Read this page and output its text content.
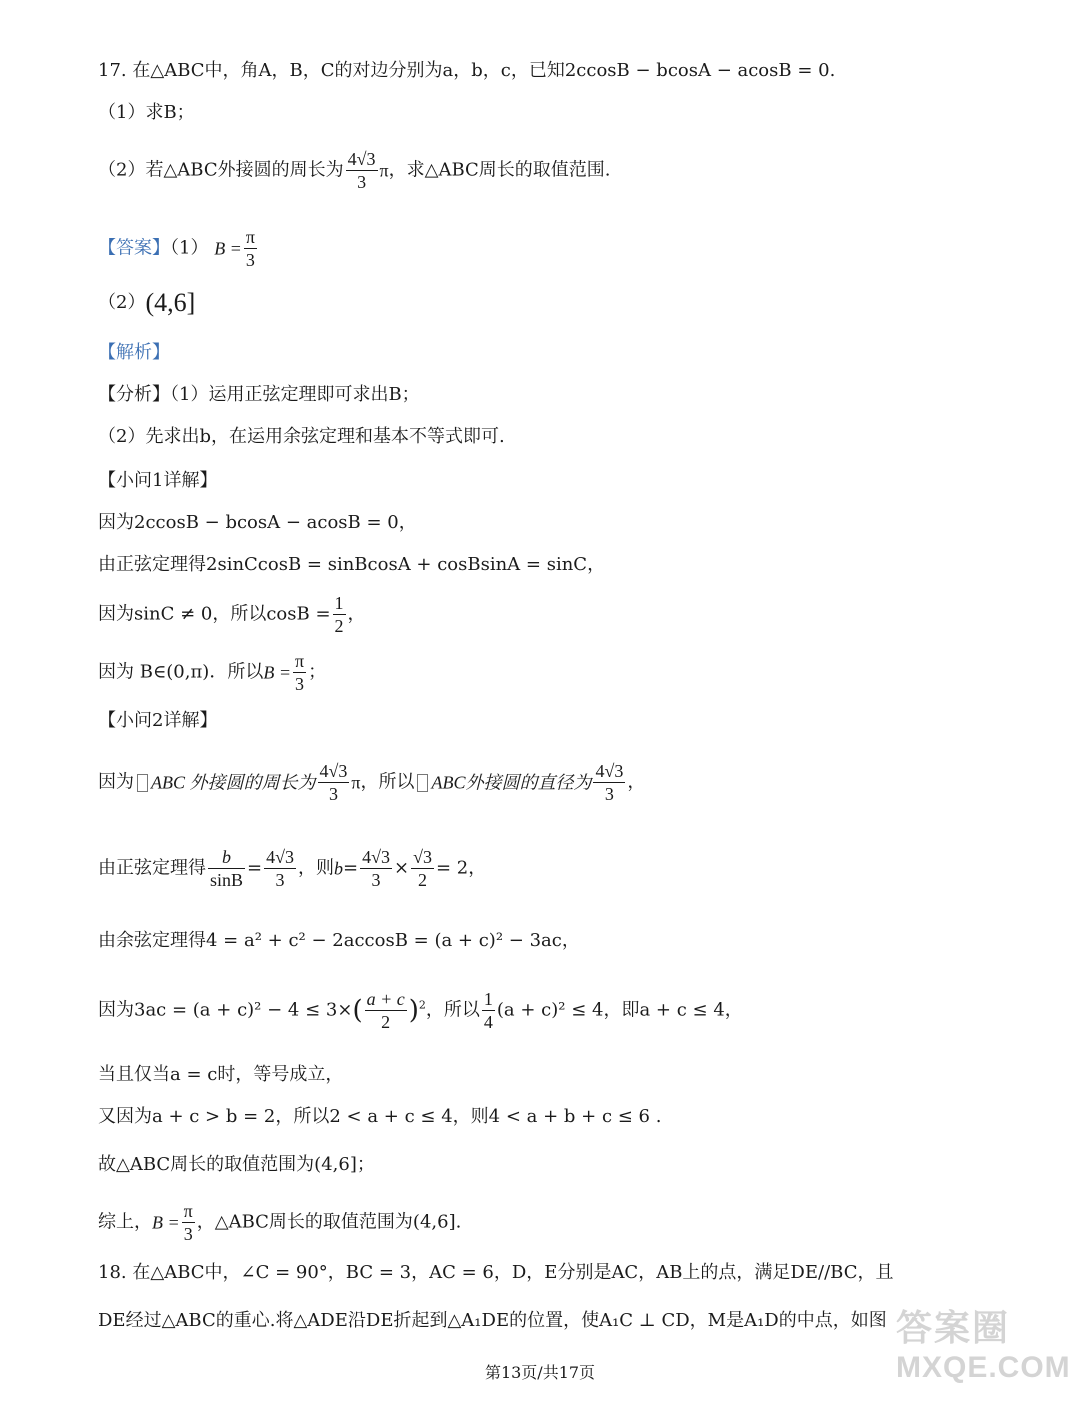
17. 在△ABC中，角A，B，C的对边分别为a，b，c，已知2ccosB − bcosA − acosB = 0.
（1）求B；
（2）若△ABC外接圆的周长为 $\frac{4√3}{3}$ π，求△ABC周长的取值范围.
【答案】（1） $B = \frac{\pi}{3}$
（2）(4,6]
【解析】
【分析】（1）运用正弦定理即可求出B；
（2）先求出b，在运用余弦定理和基本不等式即可.
【小问1详解】
因为2ccosB − bcosA − acosB = 0，
由正弦定理得2sinCcosB = sinBcosA + cosBsinA = sinC，
因为sinC ≠ 0，所以$\cos B = \frac{1}{2}$ ，
因为 B∈(0,π)．所以$B = \frac{\pi}{3}$ ；
【小问2详解】
因为 ABC 外接圆的周长为 $\frac{4√3}{3}$ π，所以 ABC外接圆的直径为 $\frac{4√3}{3}$ ，
由正弦定理得 $\frac{b}{\sin B} = \frac{4√3}{3}$ ，则$b= \frac{4√3}{3} \times \frac{√3}{2} = 2$，
由余弦定理得4 = a² + c² − 2accosB = (a + c)² − 3ac，
因为$3ac = (a + c)^2 - 4 \le 3\times( \frac{a + c}{2} )^2$，所以 $\frac{1}{4} (a + c)^2 \le 4$，即a + c ≤ 4，
当且仅当a = c时，等号成立，
又因为a + c > b = 2，所以2 < a + c ≤ 4，则4 < a + b + c ≤ 6 .
故△ABC周长的取值范围为(4,6]；
综上，$B = \frac{\pi}{3}$ ，△ABC周长的取值范围为(4,6].
18. 在△ABC中，∠C = 90°，BC = 3，AC = 6，D，E分别是AC，AB上的点，满足DE//BC，且
DE经过△ABC的重心.将△ADE沿DE折起到△A₁DE的位置，使A₁C ⊥ CD，M是A₁D的中点，如图
第13页/共17页
答案圈
MXQE.COM
